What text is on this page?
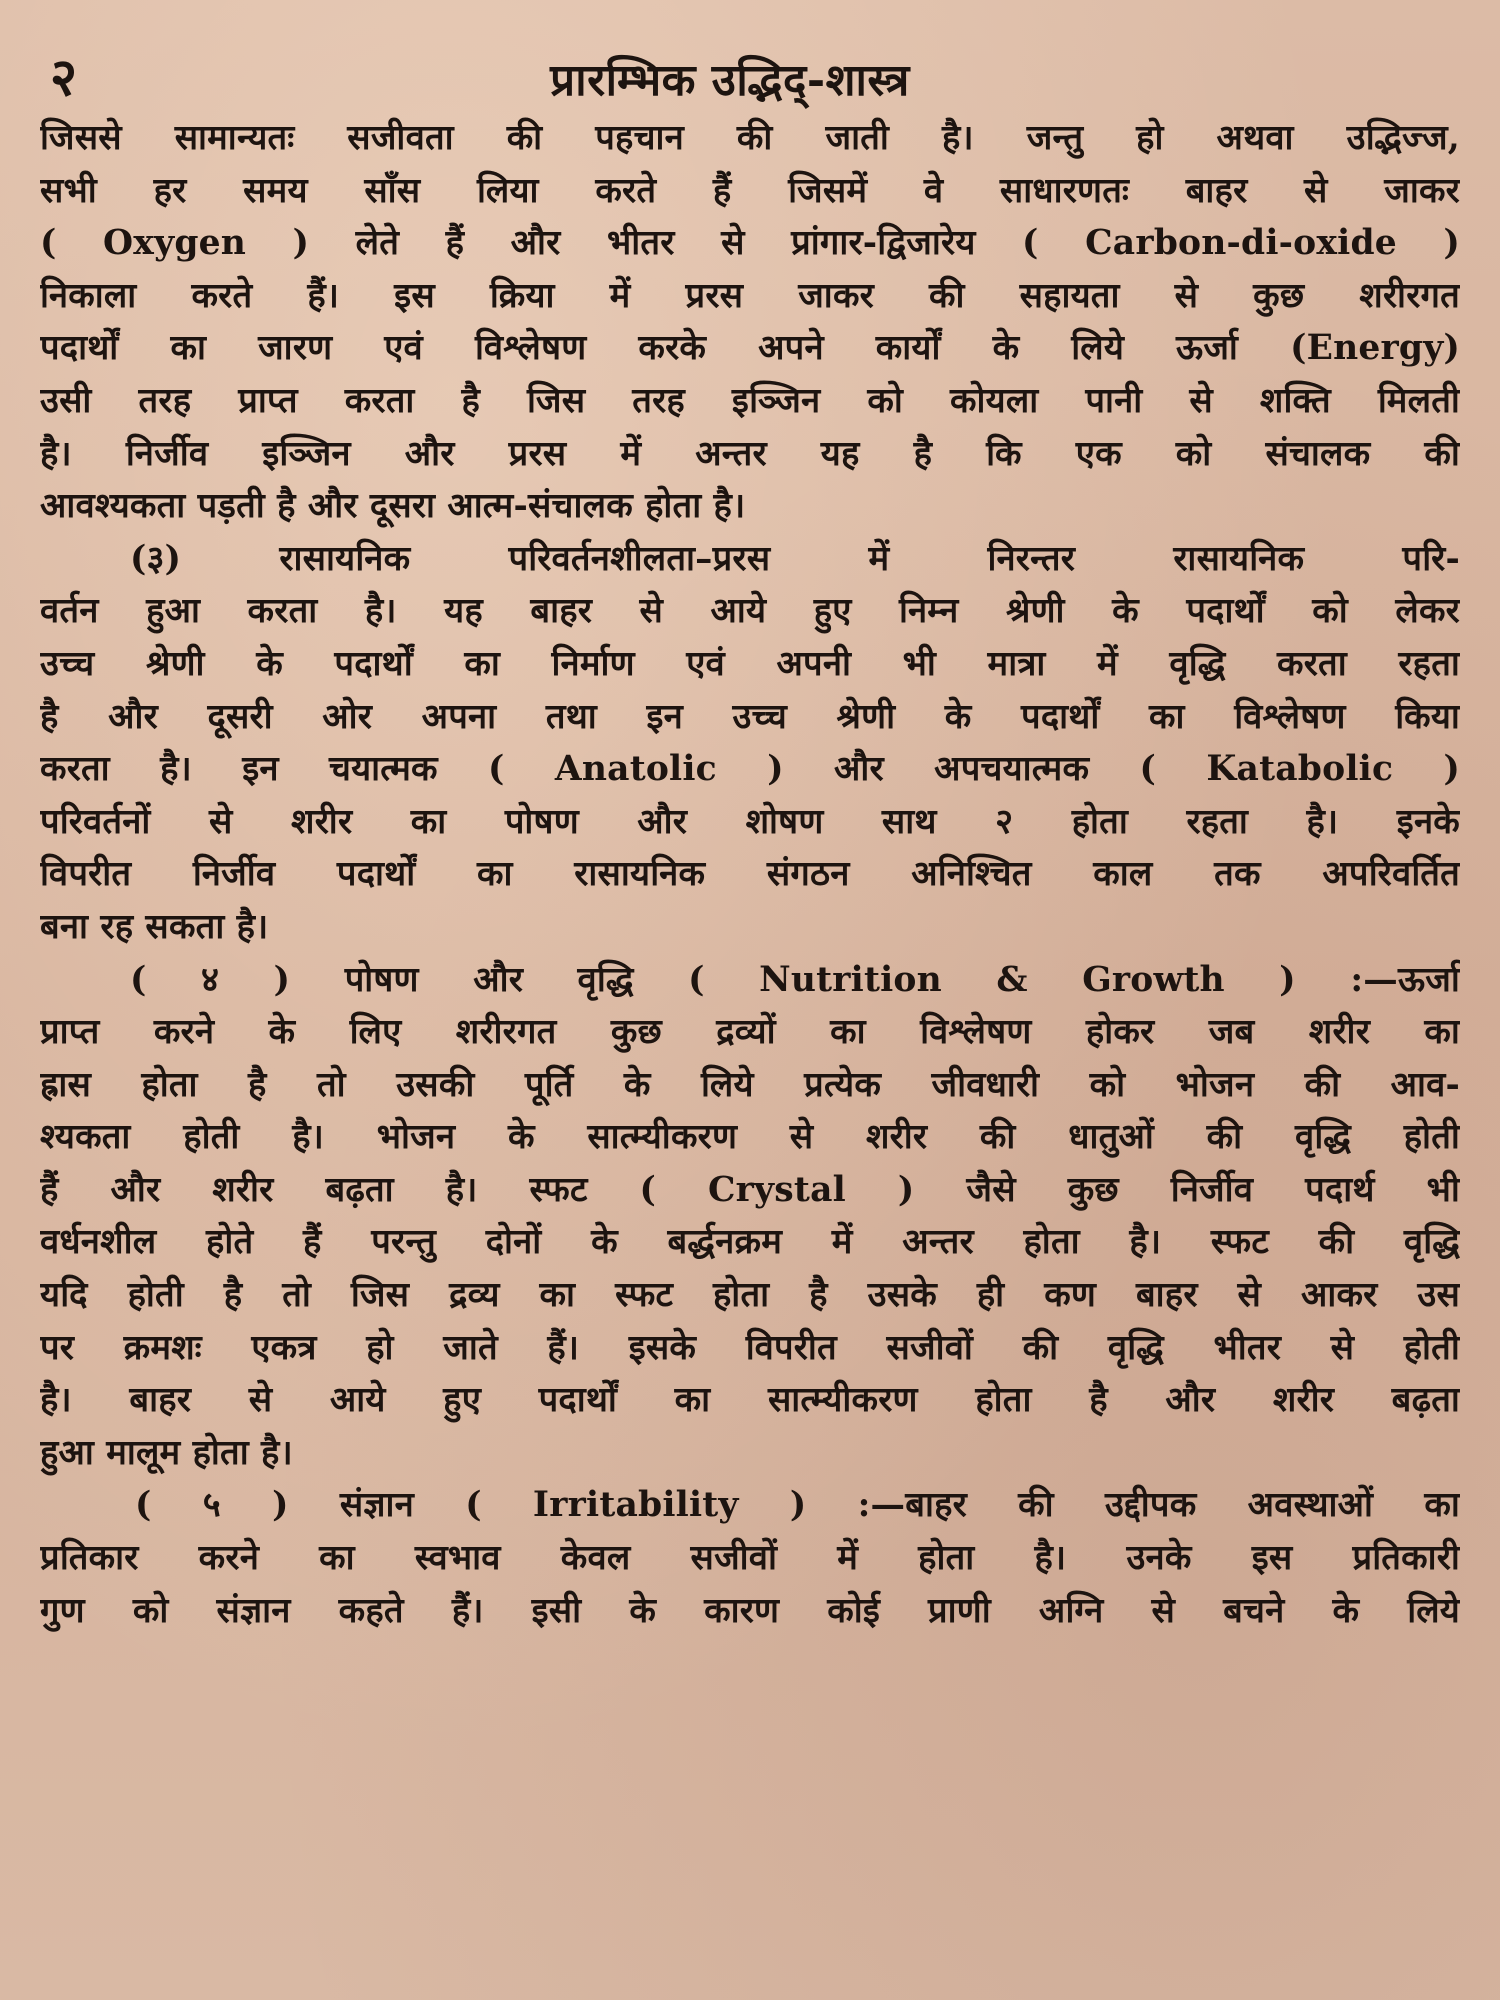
२	प्रारम्भिक उद्भिद्-शास्त्र
जिससे सामान्यतः सजीवता की पहचान की जाती है। जन्तु हो अथवा उद्भिज्ज,
सभी हर समय साँस लिया करते हैं जिसमें वे साधारणतः बाहर से जाकर
( Oxygen ) लेते हैं और भीतर से प्रांगार-द्विजारेय ( Carbon-di-oxide )
निकाला करते हैं। इस क्रिया में प्ररस जाकर की सहायता से कुछ शरीरगत
पदार्थों का जारण एवं विश्लेषण करके अपने कार्यों के लिये ऊर्जा (Energy)
उसी तरह प्राप्त करता है जिस तरह इञ्जिन को कोयला पानी से शक्ति मिलती
है। निर्जीव इञ्जिन और प्ररस में अन्तर यह है कि एक को संचालक की
आवश्यकता पड़ती है और दूसरा आत्म-संचालक होता है।
(३) रासायनिक परिवर्तनशीलता–प्ररस में निरन्तर रासायनिक परि-
वर्तन हुआ करता है। यह बाहर से आये हुए निम्न श्रेणी के पदार्थों को लेकर
उच्च श्रेणी के पदार्थों का निर्माण एवं अपनी भी मात्रा में वृद्धि करता रहता
है और दूसरी ओर अपना तथा इन उच्च श्रेणी के पदार्थों का विश्लेषण किया
करता है। इन चयात्मक ( Anatolic ) और अपचयात्मक ( Katabolic )
परिवर्तनों से शरीर का पोषण और शोषण साथ २ होता रहता है। इनके
विपरीत निर्जीव पदार्थों का रासायनिक संगठन अनिश्चित काल तक अपरिवर्तित
बना रह सकता है।
( ४ ) पोषण और वृद्धि ( Nutrition & Growth ) :—ऊर्जा
प्राप्त करने के लिए शरीरगत कुछ द्रव्यों का विश्लेषण होकर जब शरीर का
ह्रास होता है तो उसकी पूर्ति के लिये प्रत्येक जीवधारी को भोजन की आव-
श्यकता होती है। भोजन के सात्म्यीकरण से शरीर की धातुओं की वृद्धि होती
हैं और शरीर बढ़ता है। स्फट ( Crystal ) जैसे कुछ निर्जीव पदार्थ भी
वर्धनशील होते हैं परन्तु दोनों के बर्द्धनक्रम में अन्तर होता है। स्फट की वृद्धि
यदि होती है तो जिस द्रव्य का स्फट होता है उसके ही कण बाहर से आकर उस
पर क्रमशः एकत्र हो जाते हैं। इसके विपरीत सजीवों की वृद्धि भीतर से होती
है। बाहर से आये हुए पदार्थों का सात्म्यीकरण होता है और शरीर बढ़ता
हुआ मालूम होता है।
( ५ ) संज्ञान ( Irritability ) :—बाहर की उद्दीपक अवस्थाओं का
प्रतिकार करने का स्वभाव केवल सजीवों में होता है। उनके इस प्रतिकारी
गुण को संज्ञान कहते हैं। इसी के कारण कोई प्राणी अग्नि से बचने के लिये
